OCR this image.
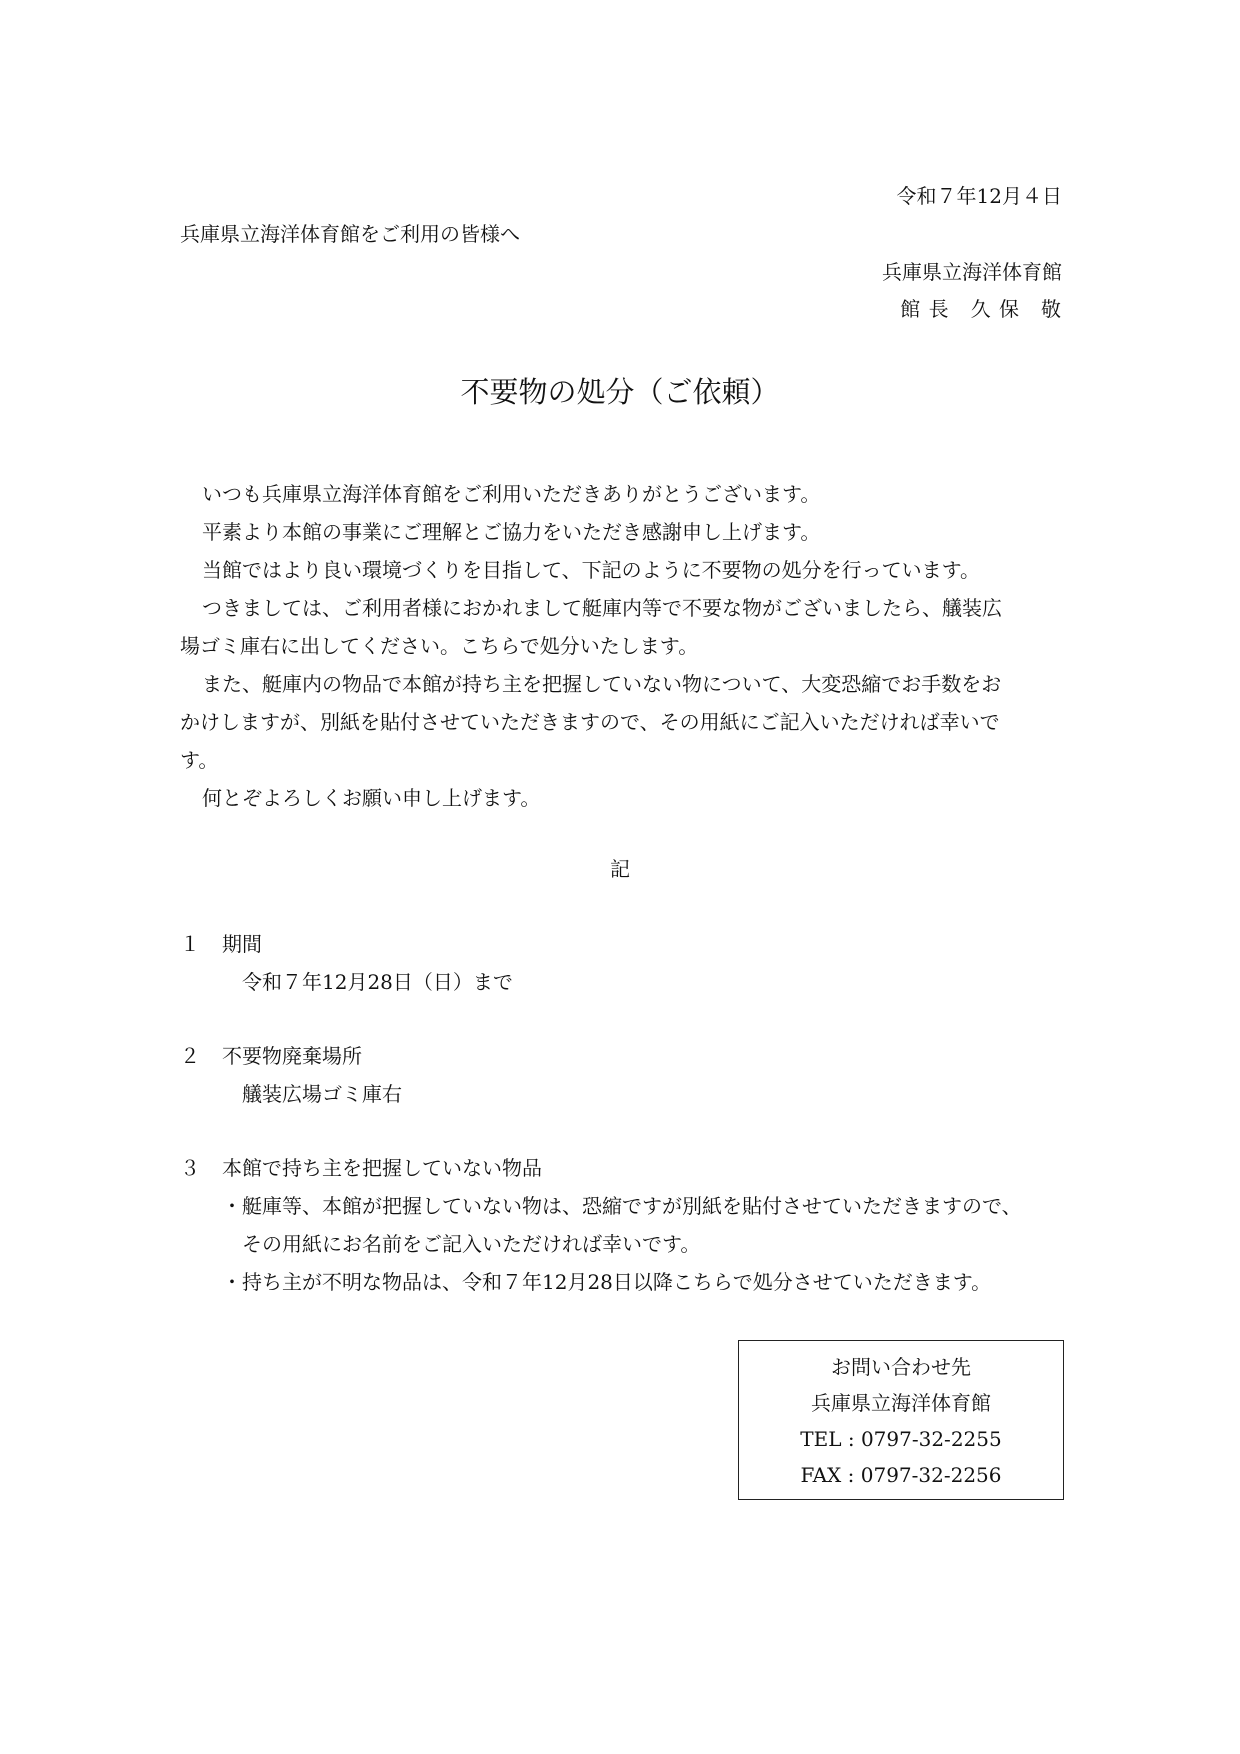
令和７年12月４日
兵庫県立海洋体育館をご利用の皆様へ
兵庫県立海洋体育館
館 長　久 保　敬
不要物の処分（ご依頼）
いつも兵庫県立海洋体育館をご利用いただきありがとうございます。
平素より本館の事業にご理解とご協力をいただき感謝申し上げます。
当館ではより良い環境づくりを目指して、下記のように不要物の処分を行っています。
つきましては、ご利用者様におかれまして艇庫内等で不要な物がございましたら、艤装広
場ゴミ庫右に出してください。こちらで処分いたします。
また、艇庫内の物品で本館が持ち主を把握していない物について、大変恐縮でお手数をお
かけしますが、別紙を貼付させていただきますので、その用紙にご記入いただければ幸いで
す。
何とぞよろしくお願い申し上げます。
記
１ 期間
令和７年12月28日（日）まで
２ 不要物廃棄場所
艤装広場ゴミ庫右
３ 本館で持ち主を把握していない物品
・艇庫等、本館が把握していない物は、恐縮ですが別紙を貼付させていただきますので、
その用紙にお名前をご記入いただければ幸いです。
・持ち主が不明な物品は、令和７年12月28日以降こちらで処分させていただきます。
お問い合わせ先
兵庫県立海洋体育館
TEL : 0797-32-2255
FAX : 0797-32-2256
